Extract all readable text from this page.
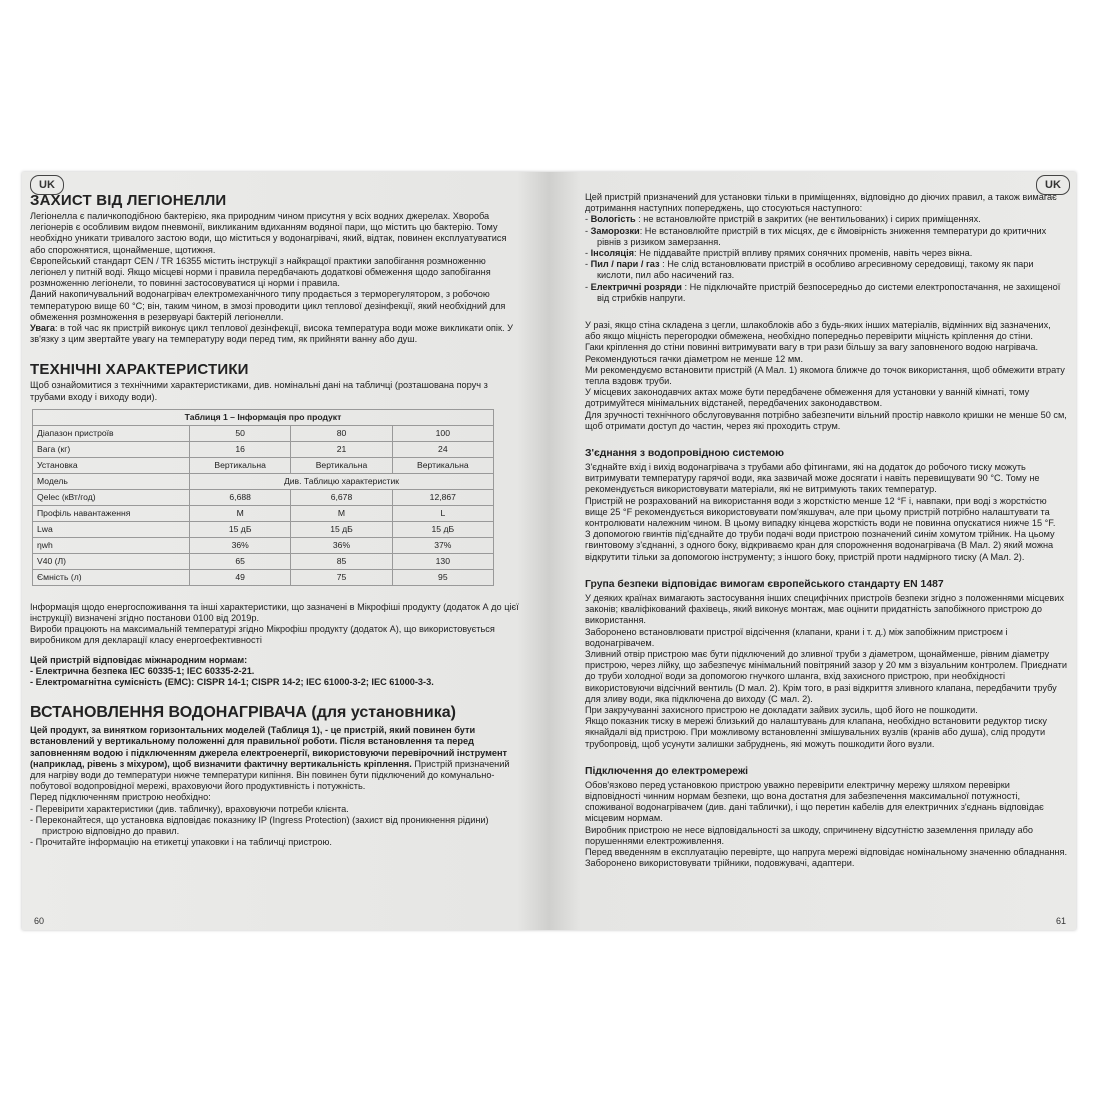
UK
ЗАХИСТ ВІД ЛЕГІОНЕЛЛИ

Легіонелла є паличкоподібною бактерією, яка природним чином присутня у всіх водних джерелах. Хвороба легіонерів є особливим видом пневмонії, викликаним вдиханням водяної пари, що містить цю бактерію. Тому необхідно уникати тривалого застою води, що міститься у водонагрівачі, який, відтак, повинен експлуатуватися або спорожнятися, щонайменше, щотижня.

Європейський стандарт CEN / TR 16355 містить інструкції з найкращої практики запобігання розмноженню легіонел у питній воді. Якщо місцеві норми і правила передбачають додаткові обмеження щодо запобігання розмноженню легіонели, то повинні застосовуватися ці норми і правила.

Даний накопичувальний водонагрівач електромеханічного типу продається з терморегулятором, з робочою температурою вище 60 °C; він, таким чином, в змозі проводити цикл теплової дезінфекції, який необхідний для обмеження розмноження в резервуарі бактерій легіонелли.

Увага: в той час як пристрій виконує цикл теплової дезінфекції, висока температура води може викликати опік. У зв'язку з цим звертайте увагу на температуру води перед тим, як прийняти ванну або душ.

ТЕХНІЧНІ ХАРАКТЕРИСТИКИ

Щоб ознайомитися з технічними характеристиками, див. номінальні дані на табличці (розташована поруч з трубами входу і виходу води).

Таблиця 1 – Інформація про продукт			
Діапазон пристроїв	50	80	100
Вага (кг)	16	21	24
Установка	Вертикальна	Вертикальна	Вертикальна
Модель	Див. Таблицю характеристик		
Qelec (кВт/год)	6,688	6,678	12,867
Профіль навантаження	M	M	L
Lwa	15 дБ	15 дБ	15 дБ
ηwh	36%	36%	37%
V40 (Л)	65	85	130
Ємність (л)	49	75	95

Інформація щодо енергоспоживання та інші характеристики, що зазначені в Мікрофіші продукту (додаток А до цієї інструкції) визначені згідно постанови 0100 від 2019р.

Вироби працюють на максимальній температурі згідно Мікрофіш продукту (додаток А), що використовується виробником для декларації класу енергоефективності

Цей пристрій відповідає міжнародним нормам:

- Електрична безпека IEC 60335-1; IEC 60335-2-21.

- Електромагнітна сумісність (EMC): CISPR 14-1; CISPR 14-2; IEC 61000-3-2; IEC 61000-3-3.

ВСТАНОВЛЕННЯ ВОДОНАГРІВАЧА (для установника)

Цей продукт, за винятком горизонтальних моделей (Таблиця 1), - це пристрій, який повинен бути встановлений у вертикальному положенні для правильної роботи. Після встановлення та перед заповненням водою і підключенням джерела електроенергії, використовуючи перевірочний інструмент (наприклад, рівень з міхуром), щоб визначити фактичну вертикальність кріплення. Пристрій призначений для нагріву води до температури нижче температури кипіння. Він повинен бути підключений до комунально-побутової водопровідної мережі, враховуючи його продуктивність і потужність.

Перед підключенням пристрою необхідно:

- Перевірити характеристики (див. табличку), враховуючи потреби клієнта.
- Переконайтеся, що установка відповідає показнику IP (Ingress Protection) (захист від проникнення рідини) пристрою відповідно до правил.
- Прочитайте інформацію на етикетці упаковки і на табличці пристрою.
60
UK

Цей пристрій призначений для установки тільки в приміщеннях, відповідно до діючих правил, а також вимагає дотримання наступних попереджень, що стосуються наступного:

- Вологість : не встановлюйте пристрій в закритих (не вентильованих) і сирих приміщеннях.
- Заморозки: Не встановлюйте пристрій в тих місцях, де є ймовірність зниження температури до критичних рівнів з ризиком замерзання.
- Інсоляція: Не піддавайте пристрій впливу прямих сонячних променів, навіть через вікна.
- Пил / пари / газ : Не слід встановлювати пристрій в особливо агресивному середовищі, такому як пари кислоти, пил або насичений газ.
- Електричні розряди : Не підключайте пристрій безпосередньо до системи електропостачання, не захищеної від стрибків напруги.

У разі, якщо стіна складена з цегли, шлакоблоків або з будь-яких інших матеріалів, відмінних від зазначених, або якщо міцність перегородки обмежена, необхідно попередньо перевірити міцність кріплення до стіни.

Гаки кріплення до стіни повинні витримувати вагу в три рази більшу за вагу заповненого водою нагрівача. Рекомендуються гачки діаметром не менше 12 мм.

Ми рекомендуємо встановити пристрій (A Мал. 1) якомога ближче до точок використання, щоб обмежити втрату тепла вздовж труби.

У місцевих законодавчих актах може бути передбачене обмеження для установки у ванній кімнаті, тому дотримуйтеся мінімальних відстаней, передбачених законодавством.

Для зручності технічного обслуговування потрібно забезпечити вільний простір навколо кришки не менше 50 см, щоб отримати доступ до частин, через які проходить струм.

З'єднання з водопровідною системою

З'єднайте вхід і вихід водонагрівача з трубами або фітингами, які на додаток до робочого тиску можуть витримувати температуру гарячої води, яка зазвичай може досягати і навіть перевищувати 90 °C. Тому не рекомендується використовувати матеріали, які не витримують таких температур.

Пристрій не розрахований на використання води з жорсткістю менше 12 °F і, навпаки, при воді з жорсткістю вище 25 °F рекомендується використовувати пом'якшувач, але при цьому пристрій потрібно налаштувати та контролювати належним чином. В цьому випадку кінцева жорсткість води не повинна опускатися нижче 15 °F.

З допомогою гвинтів під'єднайте до труби подачі води пристрою позначений синім хомутом трійник. На цьому гвинтовому з'єднанні, з одного боку, відкриваємо кран для спорожнення водонагрівача (B Мал. 2) який можна відкрутити тільки за допомогою інструменту; з іншого боку, пристрій проти надмірного тиску (A Мал. 2).

Група безпеки відповідає вимогам європейського стандарту EN 1487

У деяких країнах вимагають застосування інших специфічних пристроїв безпеки згідно з положеннями місцевих законів; кваліфікований фахівець, який виконує монтаж, має оцінити придатність запобіжного пристрою до використання.

Заборонено встановлювати пристрої відсічення (клапани, крани і т. д.) між запобіжним пристроєм і водонагрівачем.

Зливний отвір пристрою має бути підключений до зливної труби з діаметром, щонайменше, рівним діаметру пристрою, через лійку, що забезпечує мінімальний повітряний зазор у 20 мм з візуальним контролем. Приєднати до труби холодної води за допомогою гнучкого шланга, вхід захисного пристрою, при необхідності використовуючи відсічний вентиль (D мал. 2). Крім того, в разі відкриття зливного клапана, передбачити трубу для зливу води, яка підключена до виходу (C мал. 2).

При закручуванні захисного пристрою не докладати зайвих зусиль, щоб його не пошкодити.

Якщо показник тиску в мережі близький до налаштувань для клапана, необхідно встановити редуктор тиску якнайдалі від пристрою. При можливому встановленні змішувальних вузлів (кранів або душа), слід продути трубопровід, щоб усунути залишки забруднень, які можуть пошкодити його вузли.

Підключення до електромережі

Обов'язково перед установкою пристрою уважно перевірити електричну мережу шляхом перевірки відповідності чинним нормам безпеки, що вона достатня для забезпечення максимальної потужності, споживаної водонагрівачем (див. дані таблички), і що перетин кабелів для електричних з'єднань відповідає місцевим нормам.

Виробник пристрою не несе відповідальності за шкоду, спричинену відсутністю заземлення приладу або порушеннями електроживлення.

Перед введенням в експлуатацію перевірте, що напруга мережі відповідає номінальному значенню обладнання.

Заборонено використовувати трійники, подовжувачі, адаптери.

61
